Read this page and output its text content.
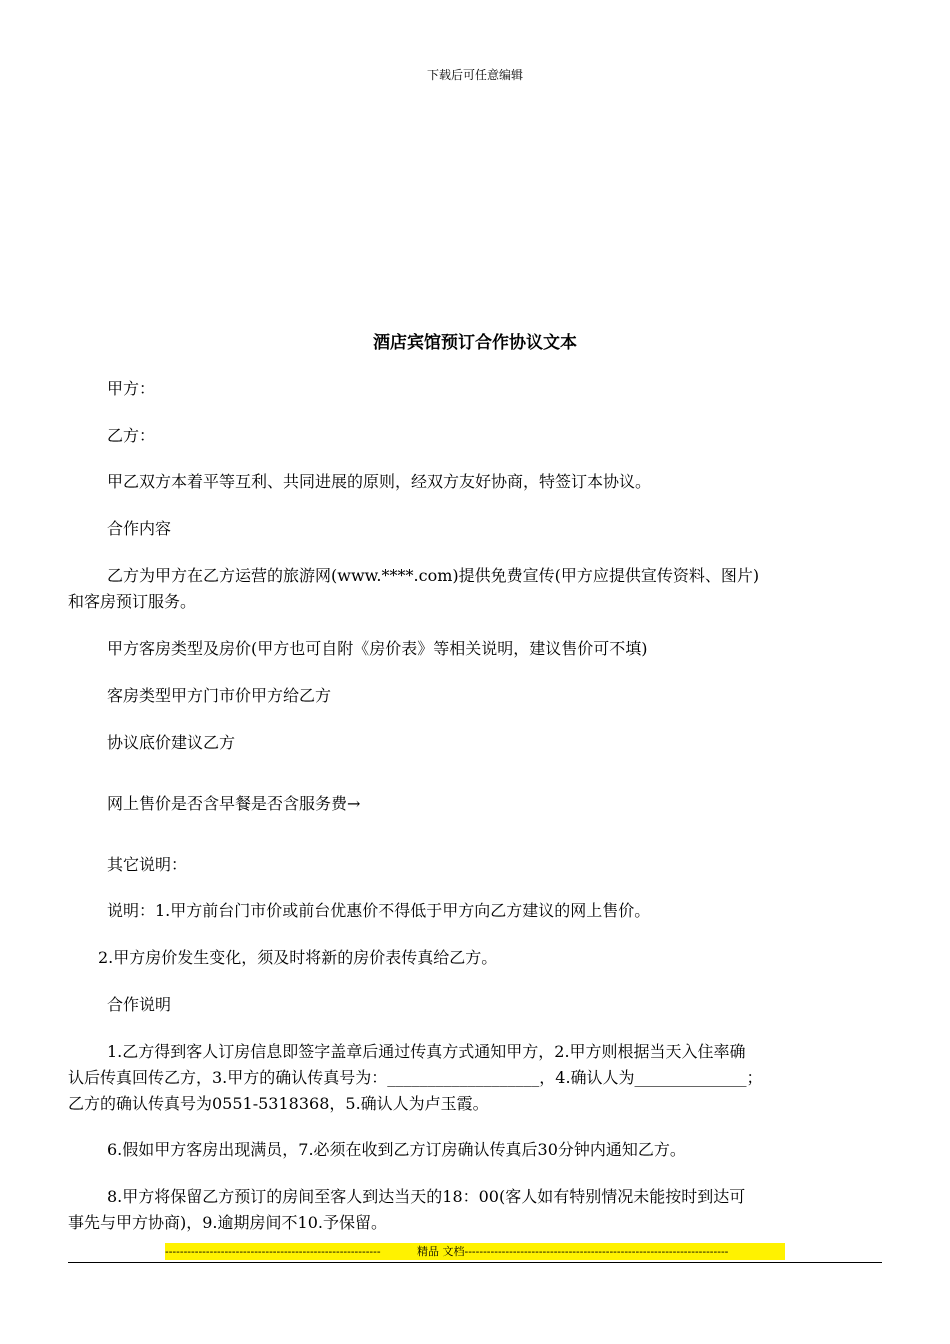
下载后可任意编辑
酒店宾馆预订合作协议文本
甲方：
乙方：
甲乙双方本着平等互利、共同进展的原则，经双方友好协商，特签订本协议。
合作内容
乙方为甲方在乙方运营的旅游网(www.****.com)提供免费宣传(甲方应提供宣传资料、图片)
和客房预订服务。
甲方客房类型及房价(甲方也可自附《房价表》等相关说明，建议售价可不填)
客房类型甲方门市价甲方给乙方
协议底价建议乙方
网上售价是否含早餐是否含服务费→
其它说明：
说明：1.甲方前台门市价或前台优惠价不得低于甲方向乙方建议的网上售价。
2.甲方房价发生变化，须及时将新的房价表传真给乙方。
合作说明
1.乙方得到客人订房信息即签字盖章后通过传真方式通知甲方，2.甲方则根据当天入住率确
认后传真回传乙方，3.甲方的确认传真号为：___________________，4.确认人为______________；
乙方的确认传真号为0551-5318368，5.确认人为卢玉霞。
6.假如甲方客房出现满员，7.必须在收到乙方订房确认传真后30分钟内通知乙方。
8.甲方将保留乙方预订的房间至客人到达当天的18：00(客人如有特别情况未能按时到达可
事先与甲方协商)，9.逾期房间不10.予保留。
----------------------------------------------------------	精品 文档-----------------------------------------------------------------------
